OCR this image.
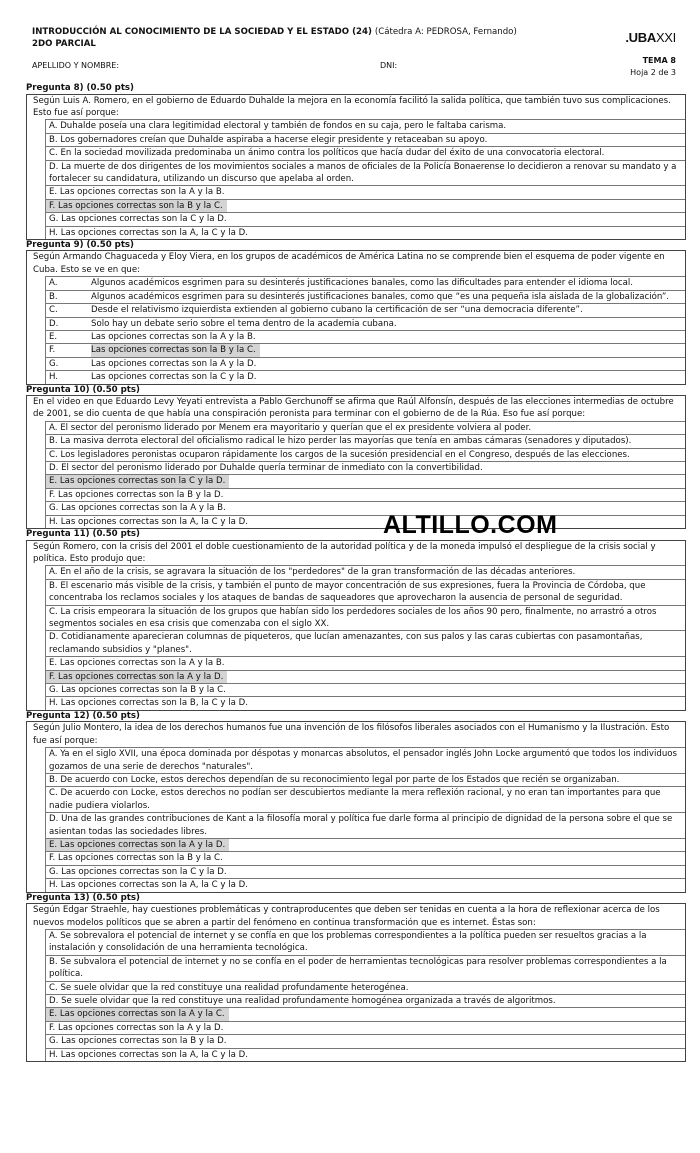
INTRODUCCIÓN AL CONOCIMIENTO DE LA SOCIEDAD Y EL ESTADO (24) (Cátedra A: PEDROSA, Fernando)
2DO PARCIAL	.UBAXXI
APELLIDO Y NOMBRE:	DNI:
TEMA 8
Hoja 2 de 3
Pregunta 8) (0.50 pts)
Según Luis A. Romero, en el gobierno de Eduardo Duhalde la mejora en la economía facilitó la salida política, que también tuvo sus complicaciones. Esto fue así porque:
A. Duhalde poseía una clara legitimidad electoral y también de fondos en su caja, pero le faltaba carisma.
B. Los gobernadores creían que Duhalde aspiraba a hacerse elegir presidente y retaceaban su apoyo.
C. En la sociedad movilizada predominaba un ánimo contra los políticos que hacía dudar del éxito de una convocatoria electoral.
D. La muerte de dos dirigentes de los movimientos sociales a manos de oficiales de la Policía Bonaerense lo decidieron a renovar su mandato y a fortalecer su candidatura, utilizando un discurso que apelaba al orden.
E. Las opciones correctas son la A y la B.
F. Las opciones correctas son la B y la C.
G. Las opciones correctas son la C y la D.
H. Las opciones correctas son la A, la C y la D.
Pregunta 9) (0.50 pts)
Según Armando Chaguaceda y Eloy Viera, en los grupos de académicos de América Latina no se comprende bien el esquema de poder vigente en Cuba. Esto se ve en que:
A.	Algunos académicos esgrimen para su desinterés justificaciones banales, como las dificultades para entender el idioma local.
B.	Algunos académicos esgrimen para su desinterés justificaciones banales, como que “es una pequeña isla aislada de la globalización”.
C.	Desde el relativismo izquierdista extienden al gobierno cubano la certificación de ser “una democracia diferente”.
D.	Solo hay un debate serio sobre el tema dentro de la academia cubana.
E.	Las opciones correctas son la A y la B.
F.	Las opciones correctas son la B y la C.
G.	Las opciones correctas son la A y la D.
H.	Las opciones correctas son la C y la D.
Pregunta 10) (0.50 pts)
En el video en que Eduardo Levy Yeyati entrevista a Pablo Gerchunoff se afirma que Raúl Alfonsín, después de las elecciones intermedias de octubre de 2001, se dio cuenta de que había una conspiración peronista para terminar con el gobierno de de la Rúa. Eso fue así porque:
A. El sector del peronismo liderado por Menem era mayoritario y querían que el ex presidente volviera al poder.
B. La masiva derrota electoral del oficialismo radical le hizo perder las mayorías que tenía en ambas cámaras (senadores y diputados).
C. Los legisladores peronistas ocuparon rápidamente los cargos de la sucesión presidencial en el Congreso, después de las elecciones.
D. El sector del peronismo liderado por Duhalde quería terminar de inmediato con la convertibilidad.
E. Las opciones correctas son la C y la D.
F. Las opciones correctas son la B y la D.
G. Las opciones correctas son la A y la B.
H. Las opciones correctas son la A, la C y la D.
Pregunta 11) (0.50 pts)
Según Romero, con la crisis del 2001 el doble cuestionamiento de la autoridad política y de la moneda impulsó el despliegue de la crisis social y política. Esto produjo que:
A. En el año de la crisis, se agravara la situación de los "perdedores" de la gran transformación de las décadas anteriores.
B. El escenario más visible de la crisis, y también el punto de mayor concentración de sus expresiones, fuera la Provincia de Córdoba, que concentraba los reclamos sociales y los ataques de bandas de saqueadores que aprovecharon la ausencia de personal de seguridad.
C. La crisis empeorara la situación de los grupos que habían sido los perdedores sociales de los años 90 pero, finalmente, no arrastró a otros segmentos sociales en esa crisis que comenzaba con el siglo XX.
D. Cotidianamente aparecieran columnas de piqueteros, que lucían amenazantes, con sus palos y las caras cubiertas con pasamontañas, reclamando subsidios y "planes".
E. Las opciones correctas son la A y la B.
F. Las opciones correctas son la A y la D.
G. Las opciones correctas son la B y la C.
H. Las opciones correctas son la B, la C y la D.
Pregunta 12) (0.50 pts)
Según Julio Montero, la idea de los derechos humanos fue una invención de los filósofos liberales asociados con el Humanismo y la Ilustración. Esto fue así porque:
A. Ya en el siglo XVII, una época dominada por déspotas y monarcas absolutos, el pensador inglés John Locke argumentó que todos los individuos gozamos de una serie de derechos "naturales".
B. De acuerdo con Locke, estos derechos dependían de su reconocimiento legal por parte de los Estados que recién se organizaban.
C. De acuerdo con Locke, estos derechos no podían ser descubiertos mediante la mera reflexión racional, y no eran tan importantes para que nadie pudiera violarlos.
D. Una de las grandes contribuciones de Kant a la filosofía moral y política fue darle forma al principio de dignidad de la persona sobre el que se asientan todas las sociedades libres.
E. Las opciones correctas son la A y la D.
F. Las opciones correctas son la B y la C.
G. Las opciones correctas son la C y la D.
H. Las opciones correctas son la A, la C y la D.
Pregunta 13) (0.50 pts)
Según Edgar Straehle, hay cuestiones problemáticas y contraproducentes que deben ser tenidas en cuenta a la hora de reflexionar acerca de los nuevos modelos políticos que se abren a partir del fenómeno en continua transformación que es internet. Éstas son:
A. Se sobrevalora el potencial de internet y se confía en que los problemas correspondientes a la política pueden ser resueltos gracias a la instalación y consolidación de una herramienta tecnológica.
B. Se subvalora el potencial de internet y no se confía en el poder de herramientas tecnológicas para resolver problemas correspondientes a la política.
C. Se suele olvidar que la red constituye una realidad profundamente heterogénea.
D. Se suele olvidar que la red constituye una realidad profundamente homogénea organizada a través de algoritmos.
E. Las opciones correctas son la A y la C.
F. Las opciones correctas son la A y la D.
G. Las opciones correctas son la B y la D.
H. Las opciones correctas son la A, la C y la D.
ALTILLO.COM
